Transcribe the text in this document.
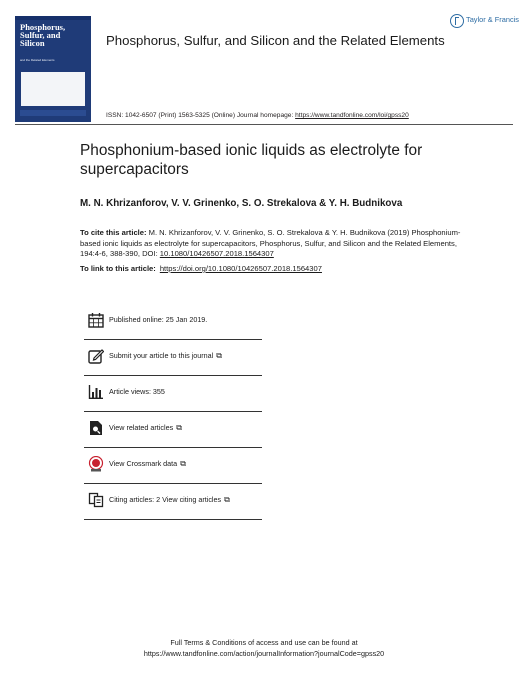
Phosphorus, Sulfur, and Silicon
and the Related Elements
Phosphorus, Sulfur, and Silicon and the Related Elements
Taylor & Francis
ISSN: 1042-6507 (Print) 1563-5325 (Online) Journal homepage: https://www.tandfonline.com/loi/gpss20
Phosphonium-based ionic liquids as electrolyte for supercapacitors
M. N. Khrizanforov, V. V. Grinenko, S. O. Strekalova & Y. H. Budnikova
To cite this article: M. N. Khrizanforov, V. V. Grinenko, S. O. Strekalova & Y. H. Budnikova (2019) Phosphonium-based ionic liquids as electrolyte for supercapacitors, Phosphorus, Sulfur, and Silicon and the Related Elements, 194:4-6, 388-390, DOI: 10.1080/10426507.2018.1564307
To link to this article: https://doi.org/10.1080/10426507.2018.1564307
Published online: 25 Jan 2019.
Submit your article to this journal ⧉
Article views: 355
View related articles ⧉
View Crossmark data ⧉
Citing articles: 2 View citing articles ⧉
Full Terms & Conditions of access and use can be found at
https://www.tandfonline.com/action/journalInformation?journalCode=gpss20
